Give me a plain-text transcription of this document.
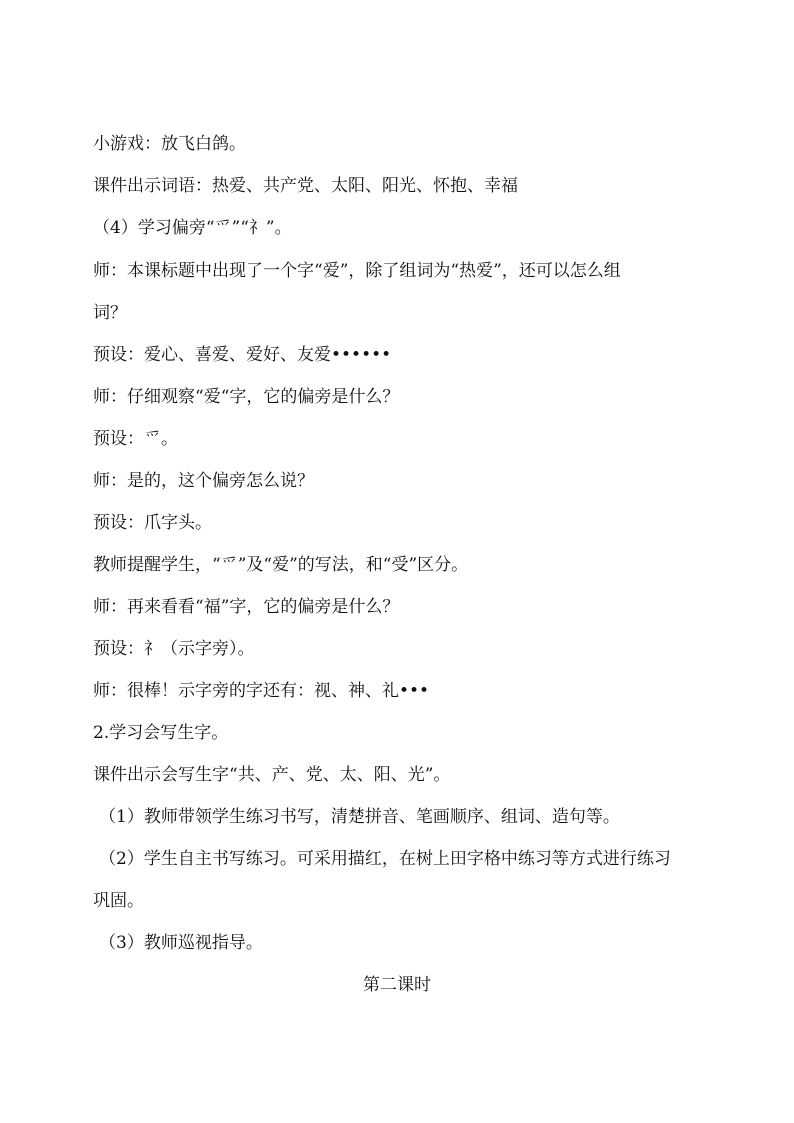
小游戏：放飞白鸽。
课件出示词语：热爱、共产党、太阳、阳光、怀抱、幸福
（4）学习偏旁“爫”“礻”。
师：本课标题中出现了一个字“爱”，除了组词为“热爱”，还可以怎么组
词？
预设：爱心、喜爱、爱好、友爱••••••
师：仔细观察“爱“字，它的偏旁是什么？
预设：爫。
师：是的，这个偏旁怎么说？
预设：爪字头。
教师提醒学生，“爫”及“爱”的写法，和“受”区分。
师：再来看看“福”字，它的偏旁是什么？
预设：礻（示字旁）。
师：很棒！示字旁的字还有：视、神、礼•••
2.学习会写生字。
课件出示会写生字“共、产、党、太、阳、光”。
（1）教师带领学生练习书写，清楚拼音、笔画顺序、组词、造句等。
（2）学生自主书写练习。可采用描红，在树上田字格中练习等方式进行练习
巩固。
（3）教师巡视指导。
第二课时
